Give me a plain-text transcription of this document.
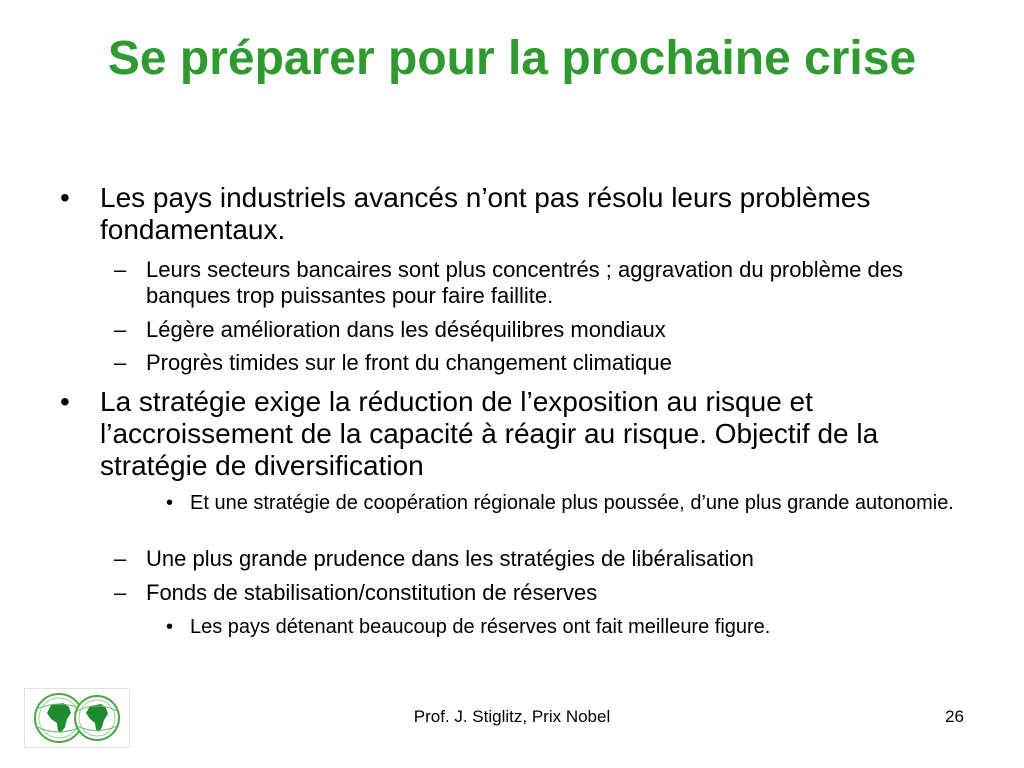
Se préparer pour la prochaine crise
•	Les pays industriels avancés n’ont pas résolu leurs problèmes fondamentaux.
– Leurs secteurs bancaires sont plus concentrés ; aggravation du problème des banques trop puissantes pour faire faillite.
– Légère amélioration dans les déséquilibres mondiaux
– Progrès timides sur le front du changement climatique
•	La stratégie exige la réduction de l’exposition au risque et l’accroissement de la capacité à réagir au risque. Objectif de la stratégie de diversification
• Et une stratégie de coopération régionale plus poussée, d’une plus grande autonomie.
– Une plus grande prudence dans les stratégies de libéralisation
– Fonds de stabilisation/constitution de réserves
• Les pays détenant beaucoup de réserves ont fait meilleure figure.
Prof. J. Stiglitz, Prix Nobel	26
